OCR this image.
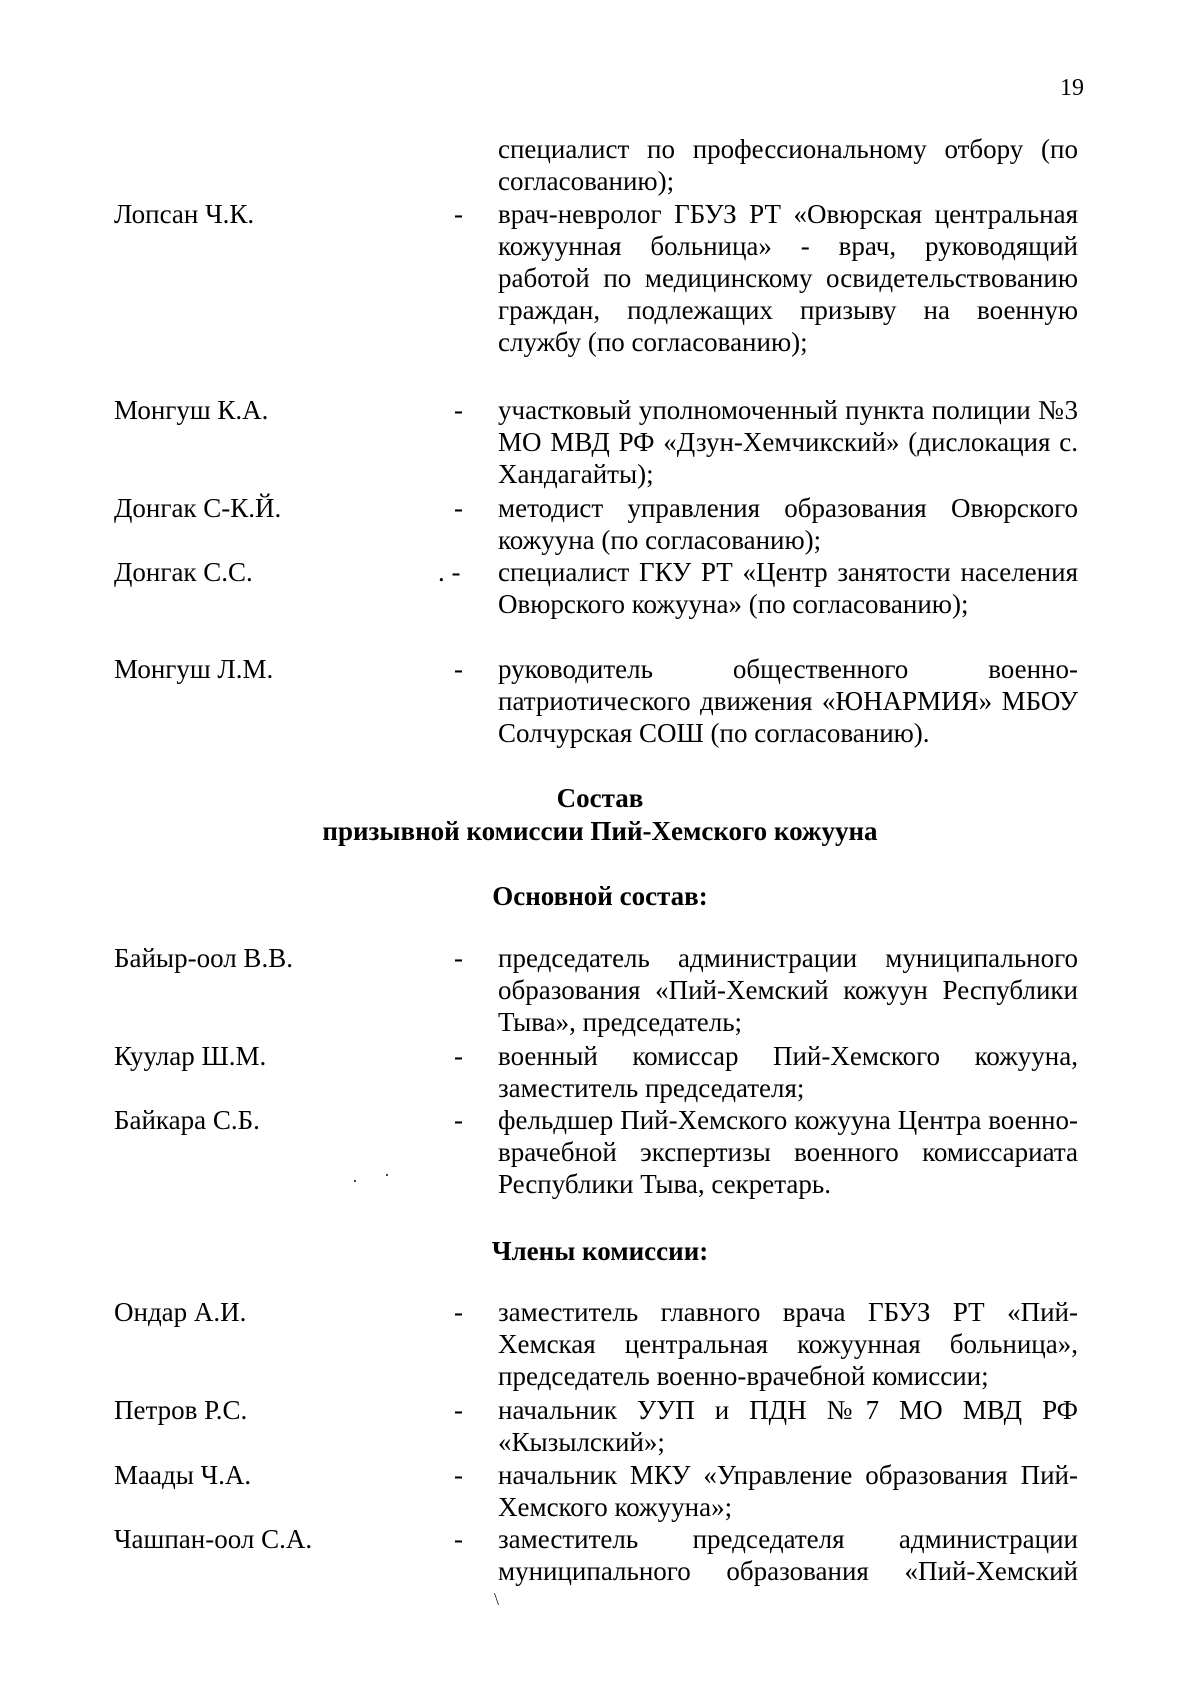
19
специалист по профессиональному отбору (по согласованию);
Лопсан Ч.К.	- врач-невролог ГБУЗ РТ «Овюрская центральная кожуунная больница» - врач, руководящий работой по медицинскому освидетельствованию граждан, подлежащих призыву на военную службу (по согласованию);
Монгуш К.А.	- участковый уполномоченный пункта полиции №3 МО МВД РФ «Дзун-Хемчикский» (дислокация с. Хандагайты);
Донгак С-К.Й.	- методист управления образования Овюрского кожууна (по согласованию);
Донгак С.С.	. - специалист ГКУ РТ «Центр занятости населения Овюрского кожууна» (по согласованию);
Монгуш Л.М.	- руководитель общественного военно-патриотического движения «ЮНАРМИЯ» МБОУ Солчурская СОШ (по согласованию).
Состав
призывной комиссии Пий-Хемского кожууна
Основной состав:
Байыр-оол В.В.	- председатель администрации муниципального образования «Пий-Хемский кожуун Республики Тыва», председатель;
Куулар Ш.М.	- военный комиссар Пий-Хемского кожууна, заместитель председателя;
Байкара С.Б.	- фельдшер Пий-Хемского кожууна Центра военно-врачебной экспертизы военного комиссариата Республики Тыва, секретарь.
· ·
Члены комиссии:
Ондар А.И.	- заместитель главного врача ГБУЗ РТ «Пий-Хемская центральная кожуунная больница», председатель военно-врачебной комиссии;
Петров Р.С.	- начальник УУП и ПДН №7 МО МВД РФ «Кызылский»;
Маады Ч.А.	- начальник МКУ «Управление образования Пий-Хемского кожууна»;
Чашпан-оол С.А.	- заместитель председателя администрации муниципального образования «Пий-Хемский
\
